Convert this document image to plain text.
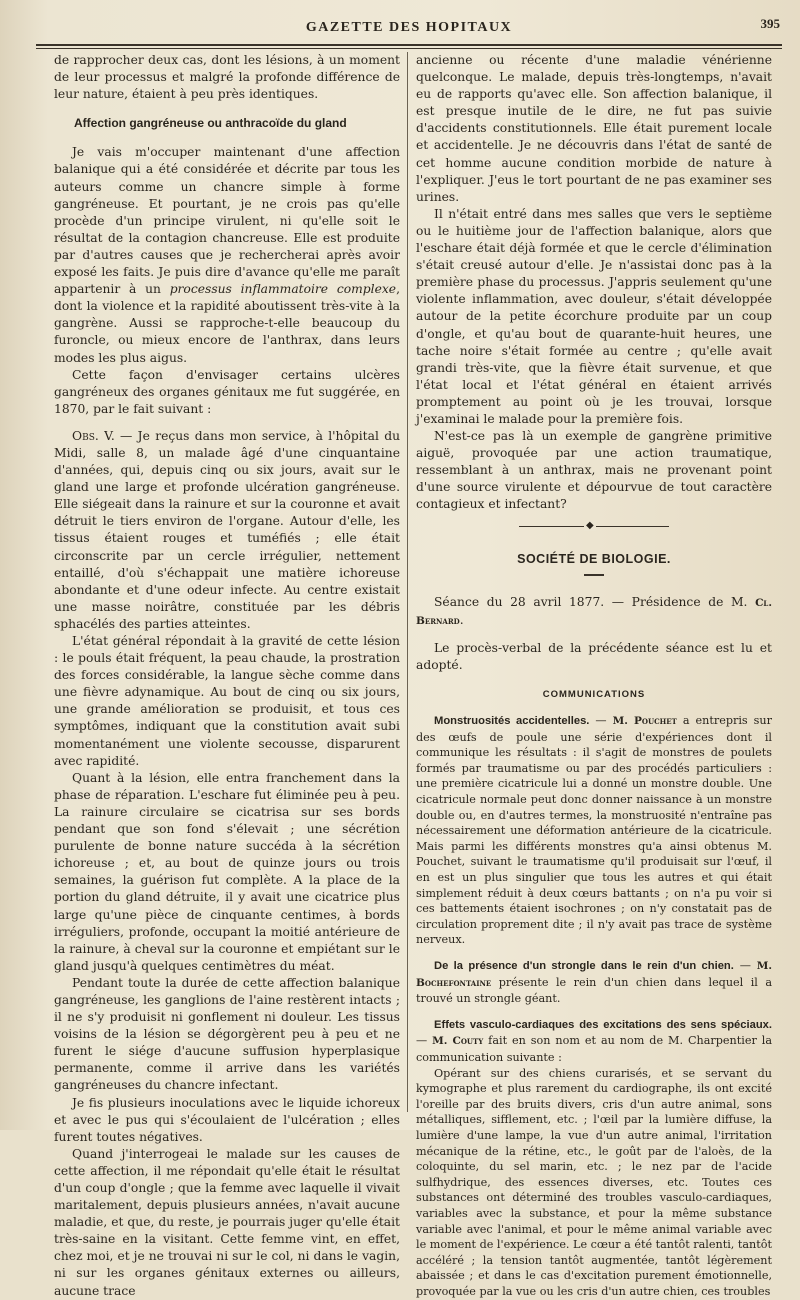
GAZETTE DES HOPITAUX	395

de rapprocher deux cas, dont les lésions, à un moment de leur processus et malgré la profonde différence de leur nature, étaient à peu près identiques.

Affection gangréneuse ou anthracoïde du gland

Je vais m'occuper maintenant d'une affection balanique qui a été considérée et décrite par tous les auteurs comme un chancre simple à forme gangréneuse. Et pourtant, je ne crois pas qu'elle procède d'un principe virulent, ni qu'elle soit le résultat de la contagion chancreuse. Elle est produite par d'autres causes que je rechercherai après avoir exposé les faits. Je puis dire d'avance qu'elle me paraît appartenir à un processus inflammatoire complexe, dont la violence et la rapidité aboutissent très-vite à la gangrène. Aussi se rapproche-t-elle beaucoup du furoncle, ou mieux encore de l'anthrax, dans leurs modes les plus aigus.

Cette façon d'envisager certains ulcères gangréneux des organes génitaux me fut suggérée, en 1870, par le fait suivant :

Obs. V. — Je reçus dans mon service, à l'hôpital du Midi, salle 8, un malade âgé d'une cinquantaine d'années, qui, depuis cinq ou six jours, avait sur le gland une large et profonde ulcération gangréneuse. Elle siégeait dans la rainure et sur la couronne et avait détruit le tiers environ de l'organe. Autour d'elle, les tissus étaient rouges et tuméfiés ; elle était circonscrite par un cercle irrégulier, nettement entaillé, d'où s'échappait une matière ichoreuse abondante et d'une odeur infecte. Au centre existait une masse noirâtre, constituée par les débris sphacélés des parties atteintes.

L'état général répondait à la gravité de cette lésion : le pouls était fréquent, la peau chaude, la prostration des forces considérable, la langue sèche comme dans une fièvre adynamique. Au bout de cinq ou six jours, une grande amélioration se produisit, et tous ces symptômes, indiquant que la constitution avait subi momentanément une violente secousse, disparurent avec rapidité.

Quant à la lésion, elle entra franchement dans la phase de réparation. L'eschare fut éliminée peu à peu. La rainure circulaire se cicatrisa sur ses bords pendant que son fond s'élevait ; une sécrétion purulente de bonne nature succéda à la sécrétion ichoreuse ; et, au bout de quinze jours ou trois semaines, la guérison fut complète. A la place de la portion du gland détruite, il y avait une cicatrice plus large qu'une pièce de cinquante centimes, à bords irréguliers, profonde, occupant la moitié antérieure de la rainure, à cheval sur la couronne et empiétant sur le gland jusqu'à quelques centimètres du méat.

Pendant toute la durée de cette affection balanique gangréneuse, les ganglions de l'aine restèrent intacts ; il ne s'y produisit ni gonflement ni douleur. Les tissus voisins de la lésion se dégorgèrent peu à peu et ne furent le siége d'aucune suffusion hyperplasique permanente, comme il arrive dans les variétés gangréneuses du chancre infectant.

Je fis plusieurs inoculations avec le liquide ichoreux et avec le pus qui s'écoulaient de l'ulcération ; elles furent toutes négatives.

Quand j'interrogeai le malade sur les causes de cette affection, il me répondait qu'elle était le résultat d'un coup d'ongle ; que la femme avec laquelle il vivait maritalement, depuis plusieurs années, n'avait aucune maladie, et que, du reste, je pourrais juger qu'elle était très-saine en la visitant. Cette femme vint, en effet, chez moi, et je ne trouvai ni sur le col, ni dans le vagin, ni sur les organes génitaux externes ou ailleurs, aucune trace

ancienne ou récente d'une maladie vénérienne quelconque. Le malade, depuis très-longtemps, n'avait eu de rapports qu'avec elle. Son affection balanique, il est presque inutile de le dire, ne fut pas suivie d'accidents constitutionnels. Elle était purement locale et accidentelle. Je ne découvris dans l'état de santé de cet homme aucune condition morbide de nature à l'expliquer. J'eus le tort pourtant de ne pas examiner ses urines.

Il n'était entré dans mes salles que vers le septième ou le huitième jour de l'affection balanique, alors que l'eschare était déjà formée et que le cercle d'élimination s'était creusé autour d'elle. Je n'assistai donc pas à la première phase du processus. J'appris seulement qu'une violente inflammation, avec douleur, s'était développée autour de la petite écorchure produite par un coup d'ongle, et qu'au bout de quarante-huit heures, une tache noire s'était formée au centre ; qu'elle avait grandi très-vite, que la fièvre était survenue, et que l'état local et l'état général en étaient arrivés promptement au point où je les trouvai, lorsque j'examinai le malade pour la première fois.

N'est-ce pas là un exemple de gangrène primitive aiguë, provoquée par une action traumatique, ressemblant à un anthrax, mais ne provenant point d'une source virulente et dépourvue de tout caractère contagieux et infectant?

◆
SOCIÉTÉ DE BIOLOGIE.

Séance du 28 avril 1877. — Présidence de M. Cl. Bernard.

Le procès-verbal de la précédente séance est lu et adopté.

COMMUNICATIONS

Monstruosités accidentelles. — M. Pouchet a entrepris sur des œufs de poule une série d'expériences dont il communique les résultats : il s'agit de monstres de poulets formés par traumatisme ou par des procédés particuliers : une première cicatricule lui a donné un monstre double. Une cicatricule normale peut donc donner naissance à un monstre double ou, en d'autres termes, la monstruosité n'entraîne pas nécessairement une déformation antérieure de la cicatricule. Mais parmi les différents monstres qu'a ainsi obtenus M. Pouchet, suivant le traumatisme qu'il produisait sur l'œuf, il en est un plus singulier que tous les autres et qui était simplement réduit à deux cœurs battants ; on n'a pu voir si ces battements étaient isochrones ; on n'y constatait pas de circulation proprement dite ; il n'y avait pas trace de système nerveux.

De la présence d'un strongle dans le rein d'un chien. — M. Bochefontaine présente le rein d'un chien dans lequel il a trouvé un strongle géant.

Effets vasculo-cardiaques des excitations des sens spéciaux. — M. Couty fait en son nom et au nom de M. Charpentier la communication suivante :

Opérant sur des chiens curarisés, et se servant du kymographe et plus rarement du cardiographe, ils ont excité l'oreille par des bruits divers, cris d'un autre animal, sons métalliques, sifflement, etc. ; l'œil par la lumière diffuse, la lumière d'une lampe, la vue d'un autre animal, l'irritation mécanique de la rétine, etc., le goût par de l'aloès, de la coloquinte, du sel marin, etc. ; le nez par de l'acide sulfhydrique, des essences diverses, etc. Toutes ces substances ont déterminé des troubles vasculo-cardiaques, variables avec la substance, et pour la même substance variable avec l'animal, et pour le même animal variable avec le moment de l'expérience. Le cœur a été tantôt ralenti, tantôt accéléré ; la tension tantôt augmentée, tantôt légèrement abaissée ; et dans le cas d'excitation purement émotionnelle, provoquée par la vue ou les cris d'un autre chien, ces troubles
